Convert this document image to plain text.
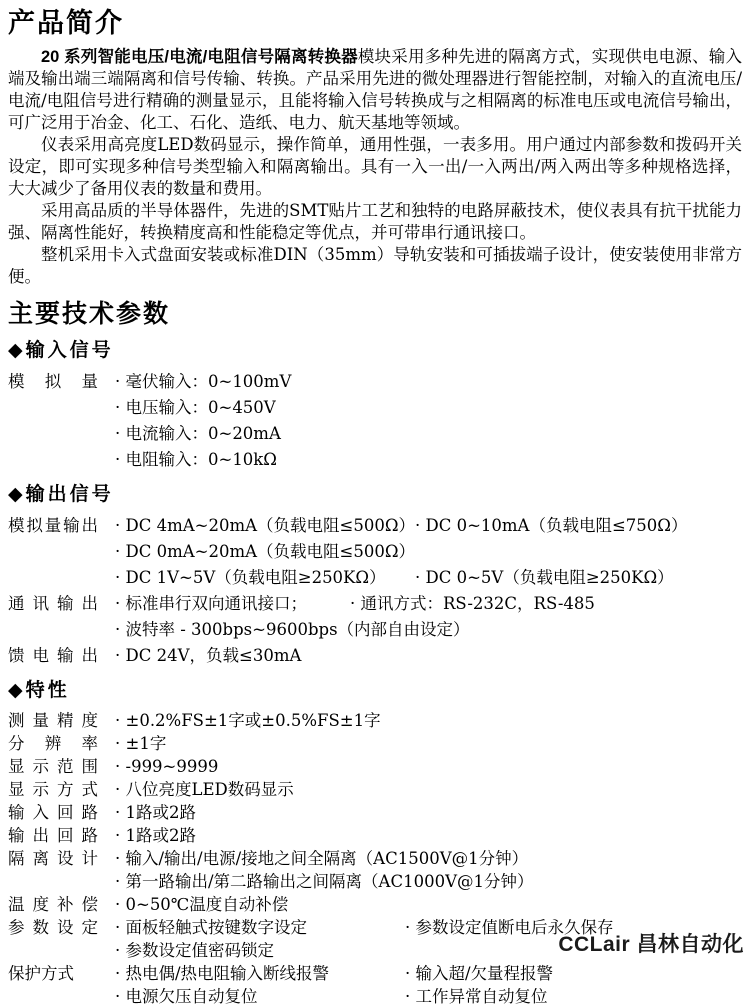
产品简介

20 系列智能电压/电流/电阻信号隔离转换器模块采用多种先进的隔离方式，实现供电电源、输入端及输出端三端隔离和信号传输、转换。产品采用先进的微处理器进行智能控制，对输入的直流电压/电流/电阻信号进行精确的测量显示，且能将输入信号转换成与之相隔离的标准电压或电流信号输出，可广泛用于冶金、化工、石化、造纸、电力、航天基地等领域。

仪表采用高亮度LED数码显示，操作简单，通用性强，一表多用。用户通过内部参数和拨码开关设定，即可实现多种信号类型输入和隔离输出。具有一入一出/一入两出/两入两出等多种规格选择，大大减少了备用仪表的数量和费用。

采用高品质的半导体器件，先进的SMT贴片工艺和独特的电路屏蔽技术，使仪表具有抗干扰能力强、隔离性能好，转换精度高和性能稳定等优点，并可带串行通讯接口。

整机采用卡入式盘面安装或标准DIN（35mm）导轨安装和可插拔端子设计，使安装使用非常方便。

主要技术参数
◆输入信号
模拟量 · 毫伏输入：0~100mV
· 电压输入：0~450V
· 电流输入：0~20mA
· 电阻输入：0~10kΩ
◆输出信号
模拟量输出 · DC 4mA~20mA（负载电阻≤500Ω）· DC 0~10mA（负载电阻≤750Ω）
· DC 0mA~20mA（负载电阻≤500Ω）
· DC 1V~5V（负载电阻≥250KΩ） · DC 0~5V（负载电阻≥250KΩ）
通讯输出 · 标准串行双向通讯接口；	· 通讯方式：RS-232C，RS-485
· 波特率 - 300bps~9600bps（内部自由设定）
馈电输出 · DC 24V，负载≤30mA
◆特性
测量精度 · ±0.2%FS±1字或±0.5%FS±1字
分辨率 · ±1字
显示范围 · -999~9999
显示方式 · 八位亮度LED数码显示
输入回路 · 1路或2路
输出回路 · 1路或2路
隔离设计 · 输入/输出/电源/接地之间全隔离（AC1500V@1分钟）
· 第一路输出/第二路输出之间隔离（AC1000V@1分钟）
温度补偿 · 0~50℃温度自动补偿
参数设定 · 面板轻触式按键数字设定	· 参数设定值断电后永久保存
· 参数设定值密码锁定
保护方式	· 热电偶/热电阻输入断线报警	· 输入超/欠量程报警
· 电源欠压自动复位	· 工作异常自动复位
CCLair 昌林自动化
